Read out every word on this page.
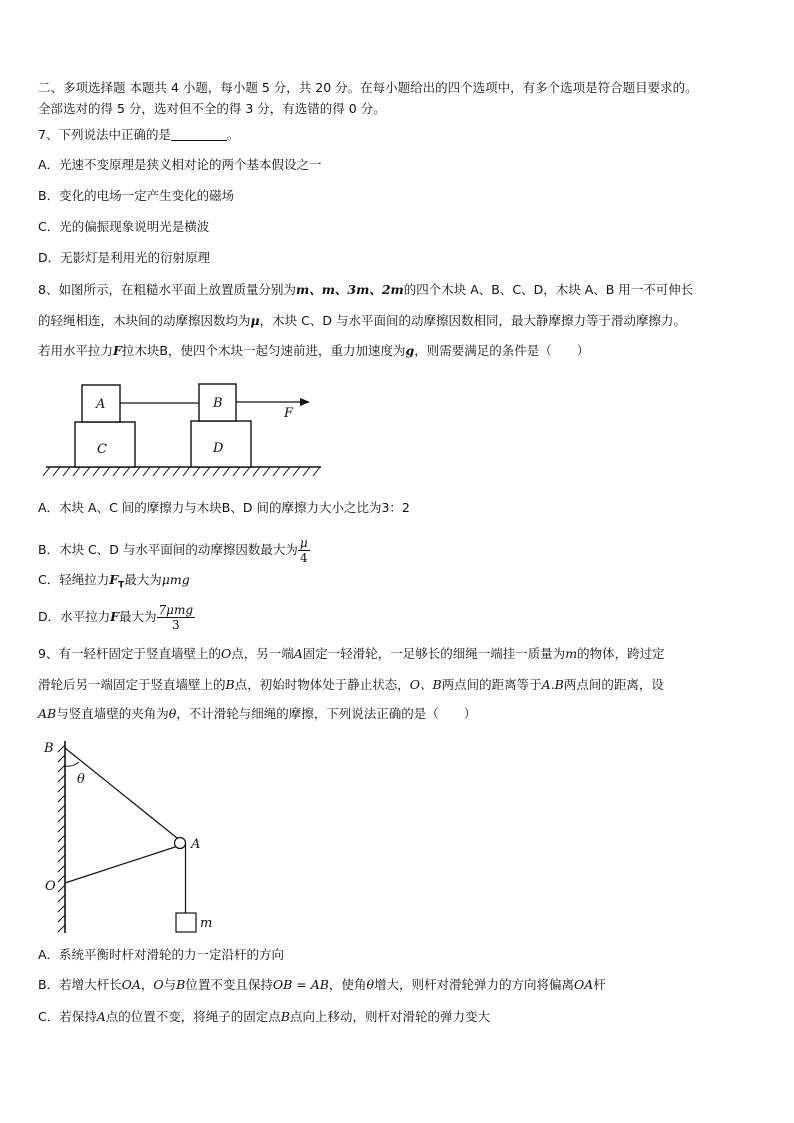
二、多项选择题 本题共 4 小题，每小题 5 分，共 20 分。在每小题给出的四个选项中，有多个选项是符合题目要求的。
全部选对的得 5 分，选对但不全的得 3 分，有选错的得 0 分。
7、下列说法中正确的是	。
A．光速不变原理是狭义相对论的两个基本假设之一
B．变化的电场一定产生变化的磁场
C．光的偏振现象说明光是横波
D．无影灯是利用光的衍射原理
8、如图所示，在粗糙水平面上放置质量分别为m、m、3m、2m的四个木块 A、B、C、D，木块 A、B 用一不可伸长
的轻绳相连，木块间的动摩擦因数均为μ，木块 C、D 与水平面间的动摩擦因数相同，最大静摩擦力等于滑动摩擦力。
若用水平拉力F拉木块B，使四个木块一起匀速前进，重力加速度为g，则需要满足的条件是（　　）
A	B
C	D
F
A．木块 A、C 间的摩擦力与木块B、D 间的摩擦力大小之比为3：2
B．木块 C、D 与水平面间的动摩擦因数最大为 $\frac{\mu}{4}$
C．轻绳拉力$F_T$最大为μmg
D．水平拉力F最大为 $\frac{\text{7μmg}}{3}$
9、有一轻杆固定于竖直墙壁上的O点，另一端A固定一轻滑轮，一足够长的细绳一端挂一质量为m的物体，跨过定
滑轮后另一端固定于竖直墙壁上的B点，初始时物体处于静止状态，O、B两点间的距离等于A.B两点间的距离，设
AB与竖直墙壁的夹角为θ，不计滑轮与细绳的摩擦，下列说法正确的是（　　）
B
θ
A
O
m
A．系统平衡时杆对滑轮的力一定沿杆的方向
B．若增大杆长OA，O与B位置不变且保持OB = AB，使角θ增大，则杆对滑轮弹力的方向将偏离OA杆
C．若保持A点的位置不变，将绳子的固定点B点向上移动，则杆对滑轮的弹力变大
